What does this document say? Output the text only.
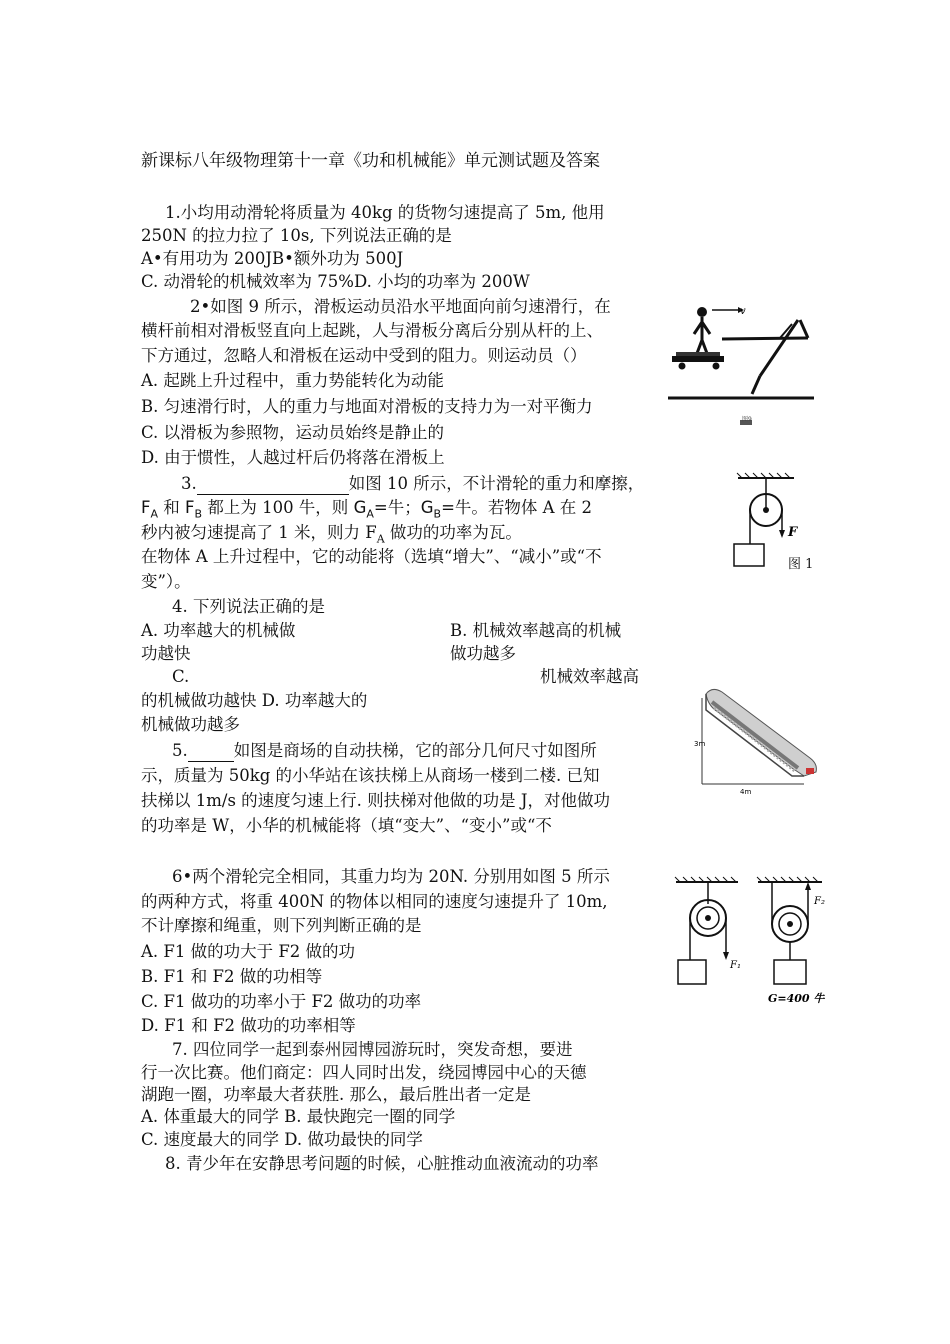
新课标八年级物理第十一章《功和机械能》单元测试题及答案
1.小均用动滑轮将质量为 40kg 的货物匀速提高了 5m, 他用
250N 的拉力拉了 10s, 下列说法正确的是
A•有用功为 200JB•额外功为 500J
C. 动滑轮的机械效率为 75%D. 小均的功率为 200W
2•如图 9 所示，滑板运动员沿水平地面向前匀速滑行，在
横杆前相对滑板竖直向上起跳，人与滑板分离后分别从杆的上、
下方通过，忽略人和滑板在运动中受到的阻力。则运动员（）
A. 起跳上升过程中，重力势能转化为动能
B. 匀速滑行时，人的重力与地面对滑板的支持力为一对平衡力
C. 以滑板为参照物，运动员始终是静止的
D. 由于惯性，人越过杆后仍将落在滑板上
v
图9
3.	如图 10 所示，不计滑轮的重力和摩擦，
$F_A$ 和 $F_B$ 都上为 100 牛，则 $G_A=$牛；$G_B=$牛。若物体 A 在 2
秒内被匀速提高了 1 米，则力 $F_A$ 做功的功率为瓦。
在物体 A 上升过程中，它的动能将（选填“增大”、“减小”或“不
变”）。
F
图 1
4. 下列说法正确的是
A. 功率越大的机械做
功越快
B. 机械效率越高的机械
做功越多
C.	机械效率越高
的机械做功越快 D. 功率越大的
机械做功越多
5.	如图是商场的自动扶梯，它的部分几何尺寸如图所
示，质量为 50kg 的小华站在该扶梯上从商场一楼到二楼. 已知
扶梯以 1m/s 的速度匀速上行. 则扶梯对他做的功是 J，对他做功
的功率是 W，小华的机械能将（填“变大”、“变小”或“不
3m
4m
6•两个滑轮完全相同，其重力均为 20N. 分别用如图 5 所示
的两种方式，将重 400N 的物体以相同的速度匀速提升了 10m,
不计摩擦和绳重，则下列判断正确的是
A. F1 做的功大于 F2 做的功
B. F1 和 F2 做的功相等
C. F1 做功的功率小于 F2 做功的功率
D. F1 和 F2 做功的功率相等
F₁
F₂
G=400 牛
7. 四位同学一起到泰州园博园游玩时，突发奇想，要进
行一次比赛。他们商定：四人同时出发，绕园博园中心的天德
湖跑一圈，功率最大者获胜. 那么，最后胜出者一定是
A. 体重最大的同学 B. 最快跑完一圈的同学
C. 速度最大的同学 D. 做功最快的同学
8. 青少年在安静思考问题的时候，心脏推动血液流动的功率
